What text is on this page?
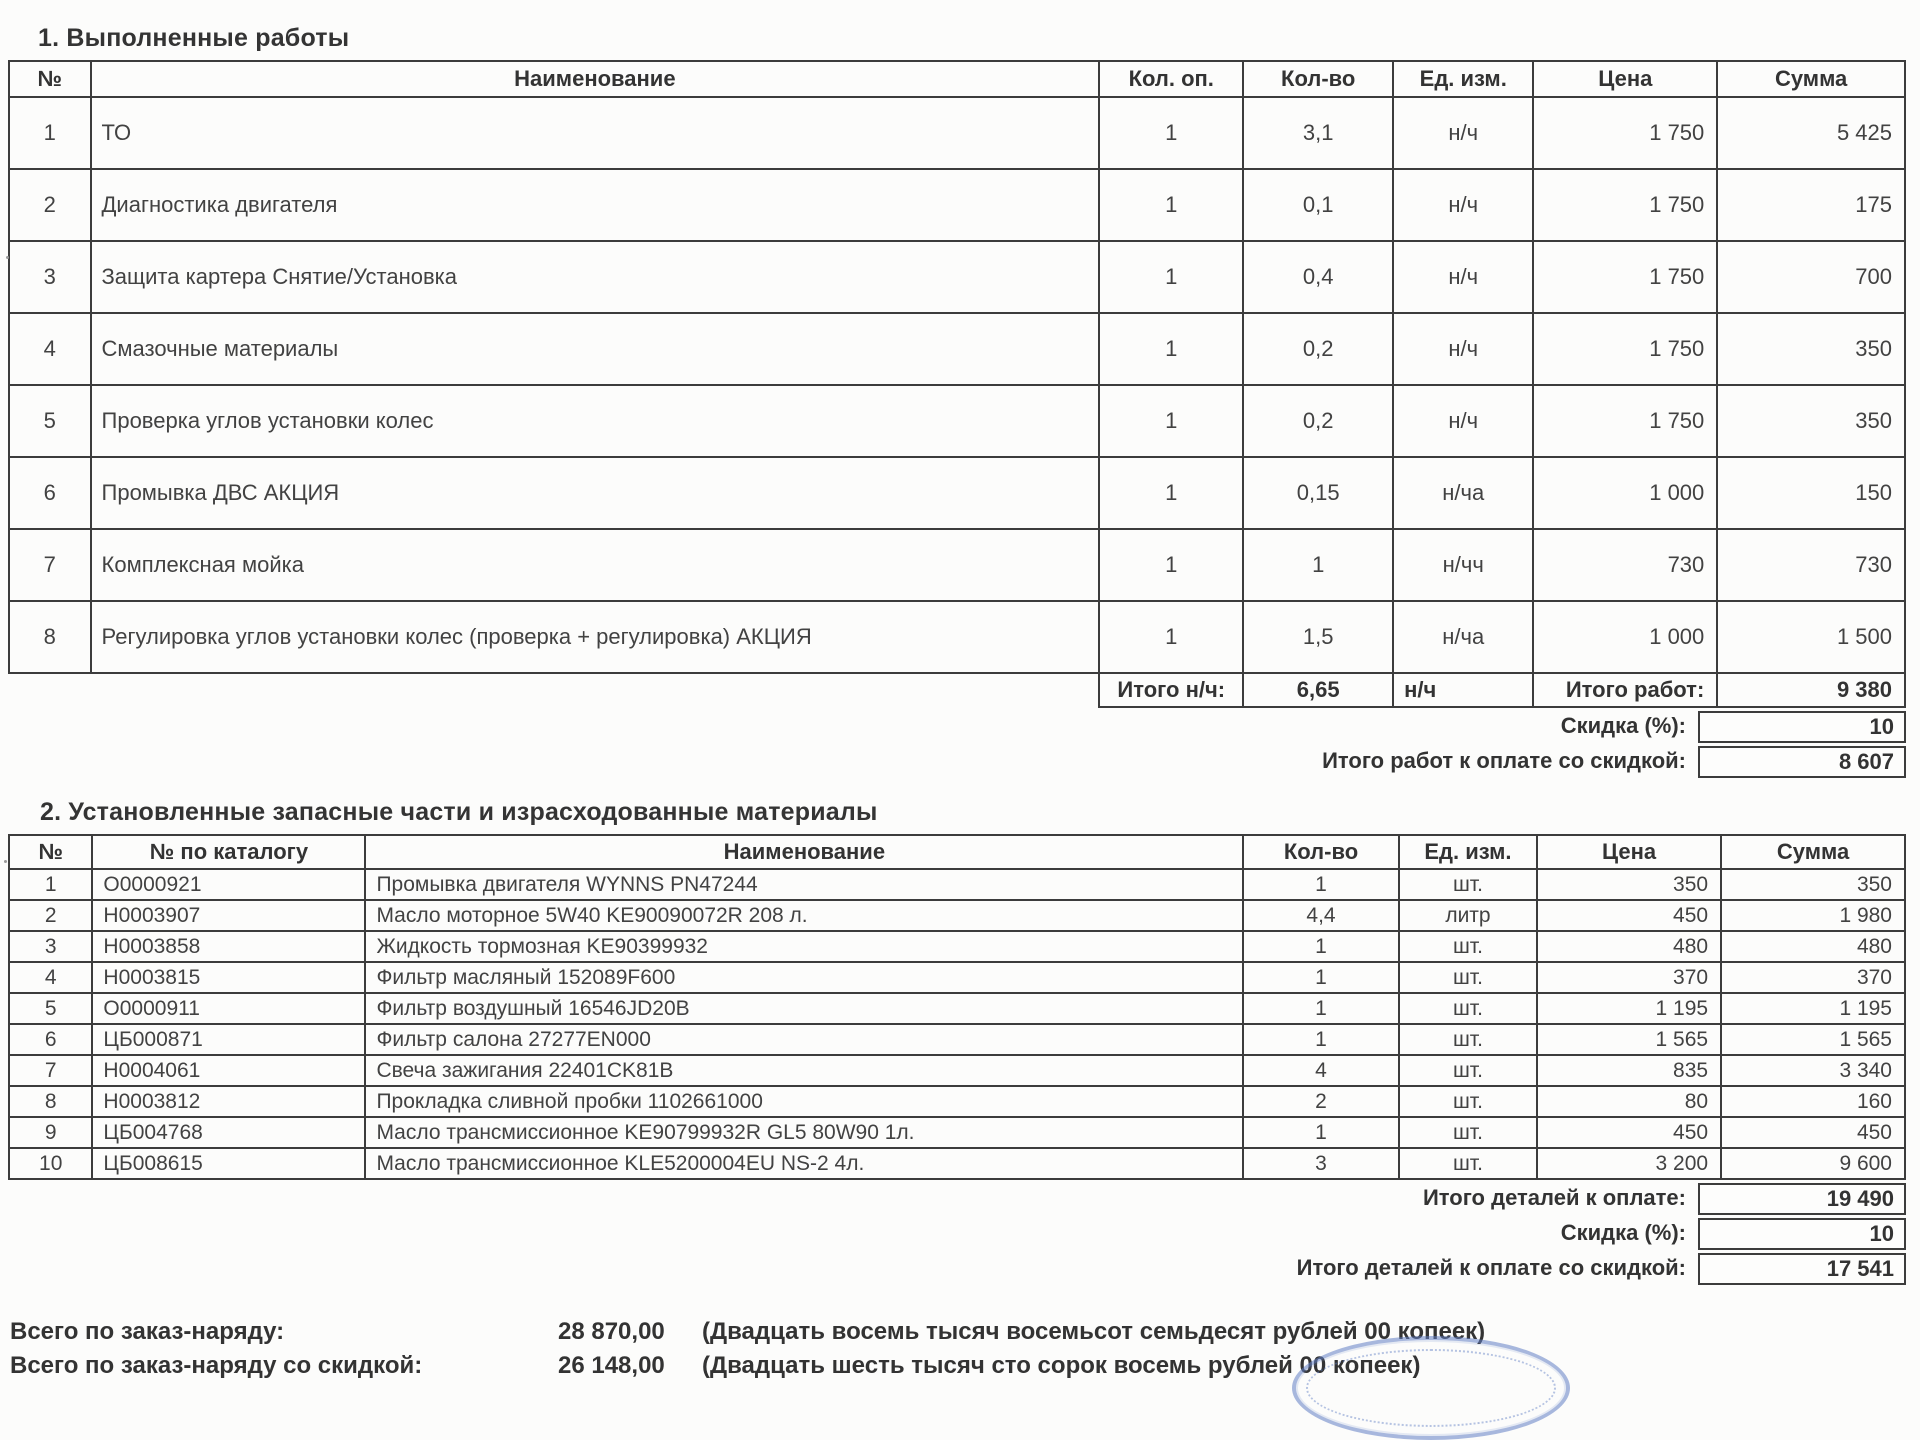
1. Выполненные работы
№	Наименование	Кол. оп.	Кол-во	Ед. изм.	Цена	Сумма
1	ТО	1	3,1	н/ч	1 750	5 425
2	Диагностика двигателя	1	0,1	н/ч	1 750	175
3	Защита картера Снятие/Установка	1	0,4	н/ч	1 750	700
4	Смазочные материалы	1	0,2	н/ч	1 750	350
5	Проверка углов установки колес	1	0,2	н/ч	1 750	350
6	Промывка ДВС АКЦИЯ	1	0,15	н/ча	1 000	150
7	Комплексная мойка	1	1	н/чч	730	730
8	Регулировка углов установки колес (проверка + регулировка) АКЦИЯ	1	1,5	н/ча	1 000	1 500
		Итого н/ч:	6,65	н/ч	Итого работ:	9 380
Скидка (%):	10
Итого работ к оплате со скидкой:	8 607
2. Установленные запасные части и израсходованные материалы
№	№ по каталогу	Наименование	Кол-во	Ед. изм.	Цена	Сумма
1	О0000921	Промывка двигателя WYNNS PN47244	1	шт.	350	350
2	Н0003907	Масло моторное 5W40 KE90090072R 208 л.	4,4	литр	450	1 980
3	Н0003858	Жидкость тормозная KE90399932	1	шт.	480	480
4	Н0003815	Фильтр масляный 152089F600	1	шт.	370	370
5	О0000911	Фильтр воздушный 16546JD20B	1	шт.	1 195	1 195
6	ЦБ000871	Фильтр салона 27277EN000	1	шт.	1 565	1 565
7	Н0004061	Свеча зажигания 22401CK81B	4	шт.	835	3 340
8	Н0003812	Прокладка сливной пробки 1102661000	2	шт.	80	160
9	ЦБ004768	Масло трансмиссионное KE90799932R GL5 80W90 1л.	1	шт.	450	450
10	ЦБ008615	Масло трансмиссионное KLE5200004EU NS-2 4л.	3	шт.	3 200	9 600
Итого деталей к оплате:	19 490
Скидка (%):	10
Итого деталей к оплате со скидкой:	17 541
Всего по заказ-наряду:	28 870,00	(Двадцать восемь тысяч восемьсот семьдесят рублей 00 копеек)
Всего по заказ-наряду со скидкой:	26 148,00	(Двадцать шесть тысяч сто сорок восемь рублей 00 копеек)
